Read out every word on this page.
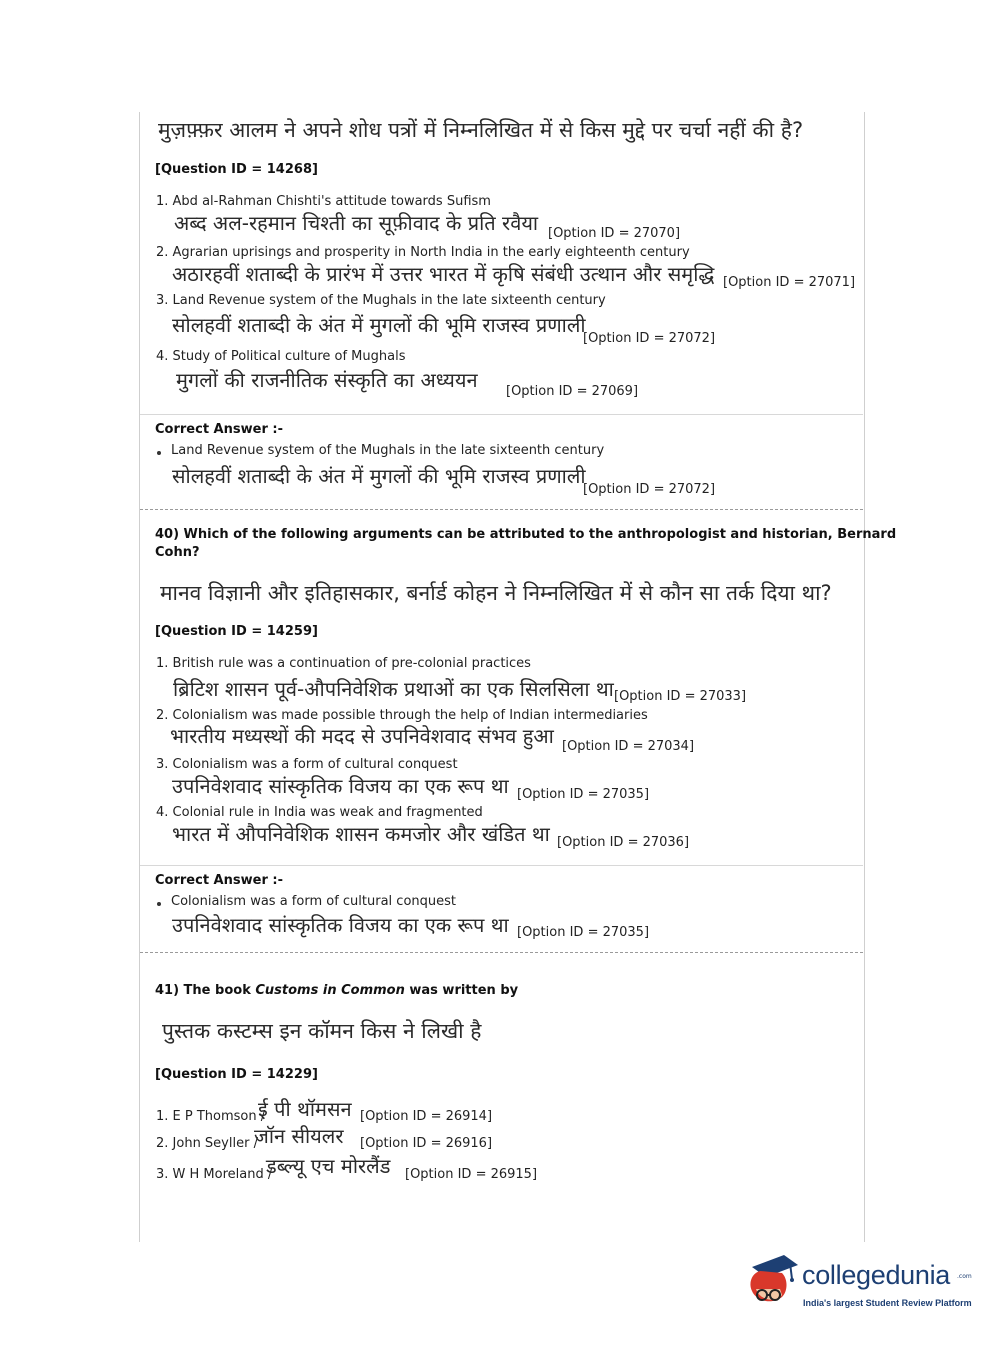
मुज़फ़्फ़र आलम ने अपने शोध पत्रों में निम्नलिखित में से किस मुद्दे पर चर्चा नहीं की है?
[Question ID = 14268]
1. Abd al-Rahman Chishti's attitude towards Sufism
अब्द अल-रहमान चिश्ती का सूफ़ीवाद के प्रति रवैया [Option ID = 27070]
2. Agrarian uprisings and prosperity in North India in the early eighteenth century
अठारहवीं शताब्दी के प्रारंभ में उत्तर भारत में कृषि संबंधी उत्थान और समृद्धि [Option ID = 27071]
3. Land Revenue system of the Mughals in the late sixteenth century
सोलहवीं शताब्दी के अंत में मुगलों की भूमि राजस्व प्रणाली
[Option ID = 27072]
4. Study of Political culture of Mughals
मुगलों की राजनीतिक संस्कृति का अध्ययन [Option ID = 27069]
Correct Answer :-
Land Revenue system of the Mughals in the late sixteenth century
सोलहवीं शताब्दी के अंत में मुगलों की भूमि राजस्व प्रणाली
[Option ID = 27072]
40) Which of the following arguments can be attributed to the anthropologist and historian, Bernard
Cohn?
मानव विज्ञानी और इतिहासकार, बर्नार्ड कोहन ने निम्नलिखित में से कौन सा तर्क दिया था?
[Question ID = 14259]
1. British rule was a continuation of pre-colonial practices
ब्रिटिश शासन पूर्व-औपनिवेशिक प्रथाओं का एक सिलसिला था [Option ID = 27033]
2. Colonialism was made possible through the help of Indian intermediaries
भारतीय मध्यस्थों की मदद से उपनिवेशवाद संभव हुआ [Option ID = 27034]
3. Colonialism was a form of cultural conquest
उपनिवेशवाद सांस्कृतिक विजय का एक रूप था [Option ID = 27035]
4. Colonial rule in India was weak and fragmented
भारत में औपनिवेशिक शासन कमजोर और खंडित था [Option ID = 27036]
Correct Answer :-
Colonialism was a form of cultural conquest
उपनिवेशवाद सांस्कृतिक विजय का एक रूप था [Option ID = 27035]
41) The book Customs in Common was written by
पुस्तक कस्टम्स इन कॉमन किस ने लिखी है
[Question ID = 14229]
1. E P Thomson /
ई पी थॉमसन [Option ID = 26914]
2. John Seyller /
जॉन सीयलर [Option ID = 26916]
3. W H Moreland /
डब्ल्यू एच मोरलैंड [Option ID = 26915]
collegedunia .com
India's largest Student Review Platform
